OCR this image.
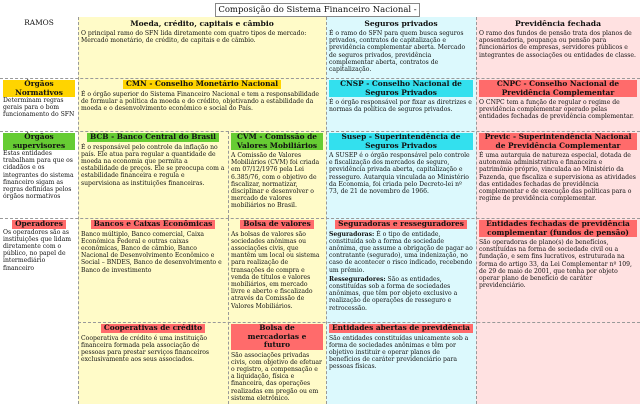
Composição do Sistema Financeiro Nacional -
RAMOS	Moeda, crédito, capitais e câmbio
O principal ramo do SFN lida diretamente com quatro tipos de mercado: Mercado monetário, de crédito, de capitais e de câmbio.
Seguros privados
É o ramo do SFN para quem busca seguros privados, contratos de capitalização e previdência complementar aberta. Mercado de seguros privados, previdência complementar aberta, contratos de capitalização.
Previdência fechada
O ramo dos fundos de pensão trata dos planos de aposentadoria, poupança ou pensão para funcionários de empresas, servidores públicos e integrantes de associações ou entidades de classe.
Órgãos Normativos
Determinam regras gerais para o bom funcionamento do SFN
CMN - Conselho Monetário Nacional
É o órgão superior do Sistema Financeiro Nacional e tem a responsabilidade de formular a política da moeda e do crédito, objetivando a estabilidade da moeda e o desenvolvimento econômico e social do País.
CNSP - Conselho Nacional de Seguros Privados
É o órgão responsável por fixar as diretrizes e normas da política de seguros privados.
CNPC - Conselho Nacional de Previdência Complementar
O CNPC tem a função de regular o regime de previdência complementar operado pelas entidades fechadas de previdência complementar.
Órgãos supervisores
Estas entidades trabalham para que os cidadãos e os integrantes do sistema financeiro sigam as regras definidas pelos órgãos normativos
BCB - Banco Central do Brasil
É o responsável pelo controle da inflação no país. Ele atua para regular a quantidade de moeda na economia que permita a estabilidade de preços. Ele se preocupa com a estabilidade financeira e regula e supervisiona as instituições financeiras.
CVM - Comissão de Valores Mobiliários
A Comissão de Valores Mobiliários (CVM) foi criada em 07/12/1976 pela Lei 6.385/76, com o objetivo de fiscalizar, normatizar, disciplinar e desenvolver o mercado de valores mobiliários no Brasil.
Susep - Superintendência de Seguros Privados
A SUSEP é o órgão responsável pelo controle e fiscalização dos mercados de seguro, previdência privada aberta, capitalização e resseguro. Autarquia vinculada ao Ministério da Economia, foi criada pelo Decreto-lei nº 73, de 21 de novembro de 1966.
Previc - Superintendência Nacional de Previdência Complementar
É uma autarquia de natureza especial, dotada de autonomia administrativa e financeira e patrimônio próprio, vinculada ao Ministério da Fazenda, que fiscaliza e supervisiona as atividades das entidades fechadas de previdência complementar e de execução das políticas para o regime de previdência complementar.
Operadores
Os operadores são as instituições que lidam diretamente com o público, no papel de intermediário financeiro
Bancos e Caixas Econômicas
Banco múltiplo, Banco comercial, Caixa Econômica Federal e outras caixas econômicas, Banco de câmbio, Banco Nacional de Desenvolvimento Econômico e Social – BNDES, Banco de desenvolvimento e Banco de investimento
Bolsa de valores
As bolsas de valores são sociedades anônimas ou associações civis, que mantêm um local ou sistema para realização de transações de compra e venda de títulos e valores mobiliários, em mercado livre e aberto e fiscalizado através da Comissão de Valores Mobiliários.
Seguradoras e resseguradores
Seguradoras: É o tipo de entidade, constituída sob a forma de sociedade anônima, que assume a obrigação de pagar ao contratante (segurado), uma indenização, no caso de acontecer o risco indicado, recebendo um prêmio.
Resseguradores: São as entidades, constituídas sob a forma de sociedades anônimas, que têm por objeto exclusivo a realização de operações de resseguro e retrocessão.
Entidades fechadas de previdência complementar (fundos de pensão)
São operadoras de plano(s) de benefícios, constituídas na forma de sociedade civil ou a fundação, e sem fins lucrativos, estruturada na forma do artigo 33, da Lei Complementar nº 109, de 29 de maio de 2001, que tenha por objeto operar plano de benefício de caráter previdenciário.
Cooperativas de crédito
Cooperativa de crédito é uma instituição financeira formada pela associação de pessoas para prestar serviços financeiros exclusivamente aos seus associados.
Bolsa de mercadorias e futuro
São associações privadas civis, com objetivo de efetuar o registro, a compensação e a liquidação, física e financeira, das operações realizadas em pregão ou em sistema eletrônico.
Entidades abertas de previdência
São entidades constituídas unicamente sob a forma de sociedades anônimas e têm por objetivo instituir e operar planos de benefícios de caráter previdenciário para pessoas físicas.
